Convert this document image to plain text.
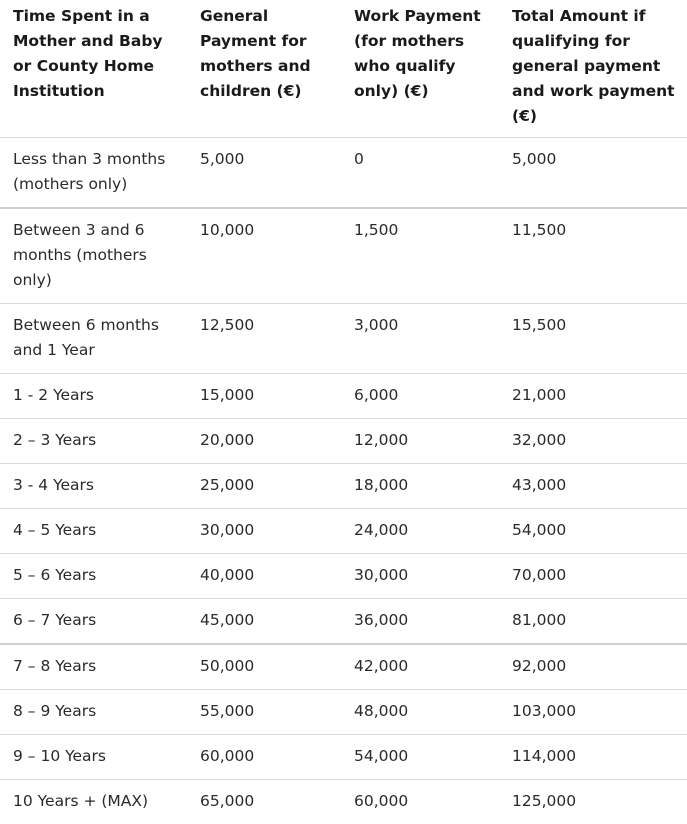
Time Spent in a Mother and Baby or County Home Institution	General Payment for mothers and children (€)	Work Payment (for mothers who qualify only) (€)	Total Amount if qualifying for general payment and work payment (€)
Less than 3 months (mothers only)	5,000	0	5,000
Between 3 and 6 months (mothers only)	10,000	1,500	11,500
Between 6 months and 1 Year	12,500	3,000	15,500
1 - 2 Years	15,000	6,000	21,000
2 – 3 Years	20,000	12,000	32,000
3 - 4 Years	25,000	18,000	43,000
4 – 5 Years	30,000	24,000	54,000
5 – 6 Years	40,000	30,000	70,000
6 – 7 Years	45,000	36,000	81,000
7 – 8 Years	50,000	42,000	92,000
8 – 9 Years	55,000	48,000	103,000
9 – 10 Years	60,000	54,000	114,000
10 Years + (MAX)	65,000	60,000	125,000
